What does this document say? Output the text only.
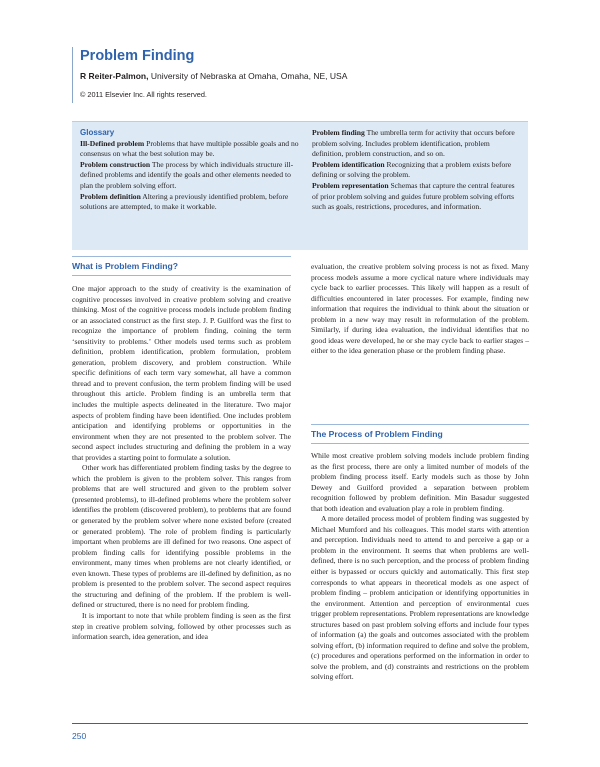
Problem Finding
R Reiter-Palmon, University of Nebraska at Omaha, Omaha, NE, USA
© 2011 Elsevier Inc. All rights reserved.
Glossary
Ill-Defined problem Problems that have multiple possible goals and no consensus on what the best solution may be.
Problem construction The process by which individuals structure ill-defined problems and identify the goals and other elements needed to plan the problem solving effort.
Problem definition Altering a previously identified problem, before solutions are attempted, to make it workable.
Problem finding The umbrella term for activity that occurs before problem solving. Includes problem identification, problem definition, problem construction, and so on.
Problem identification Recognizing that a problem exists before defining or solving the problem.
Problem representation Schemas that capture the central features of prior problem solving and guides future problem solving efforts such as goals, restrictions, procedures, and information.
What is Problem Finding?

One major approach to the study of creativity is the examination of cognitive processes involved in creative problem solving and creative thinking. Most of the cognitive process models include problem finding or an associated construct as the first step. J. P. Guilford was the first to recognize the importance of problem finding, coining the term ‘sensitivity to problems.’ Other models used terms such as problem definition, problem identification, problem formulation, problem generation, problem discovery, and problem construction. While specific definitions of each term vary somewhat, all have a common thread and to prevent confusion, the term problem finding will be used throughout this article. Problem finding is an umbrella term that includes the multiple aspects delineated in the literature. Two major aspects of problem finding have been identified. One includes problem anticipation and identifying problems or opportunities in the environment when they are not presented to the problem solver. The second aspect includes structuring and defining the problem in a way that provides a starting point to formulate a solution.

Other work has differentiated problem finding tasks by the degree to which the problem is given to the problem solver. This ranges from problems that are well structured and given to the problem solver (presented problems), to ill-defined problems where the problem solver identifies the problem (discovered problem), to problems that are found or generated by the problem solver where none existed before (created or generated problem). The role of problem finding is particularly important when problems are ill defined for two reasons. One aspect of problem finding calls for identifying possible problems in the environment, many times when problems are not clearly identified, or even known. These types of problems are ill-defined by definition, as no problem is presented to the problem solver. The second aspect requires the structuring and defining of the problem. If the problem is well-defined or structured, there is no need for problem finding.

It is important to note that while problem finding is seen as the first step in creative problem solving, followed by other processes such as information search, idea generation, and idea

evaluation, the creative problem solving process is not as fixed. Many process models assume a more cyclical nature where individuals may cycle back to earlier processes. This likely will happen as a result of difficulties encountered in later processes. For example, finding new information that requires the individual to think about the situation or problem in a new way may result in reformulation of the problem. Similarly, if during idea evaluation, the individual identifies that no good ideas were developed, he or she may cycle back to earlier stages – either to the idea generation phase or the problem finding phase.

The Process of Problem Finding

While most creative problem solving models include problem finding as the first process, there are only a limited number of models of the problem finding process itself. Early models such as those by John Dewey and Guilford provided a separation between problem recognition followed by problem definition. Min Basadur suggested that both ideation and evaluation play a role in problem finding.

A more detailed process model of problem finding was suggested by Michael Mumford and his colleagues. This model starts with attention and perception. Individuals need to attend to and perceive a gap or a problem in the environment. It seems that when problems are well-defined, there is no such perception, and the process of problem finding either is bypassed or occurs quickly and automatically. This first step corresponds to what appears in theoretical models as one aspect of problem finding – problem anticipation or identifying opportunities in the environment. Attention and perception of environmental cues trigger problem representations. Problem representations are knowledge structures based on past problem solving efforts and include four types of information (a) the goals and outcomes associated with the problem solving effort, (b) information required to define and solve the problem, (c) procedures and operations performed on the information in order to solve the problem, and (d) constraints and restrictions on the problem solving effort.

250
